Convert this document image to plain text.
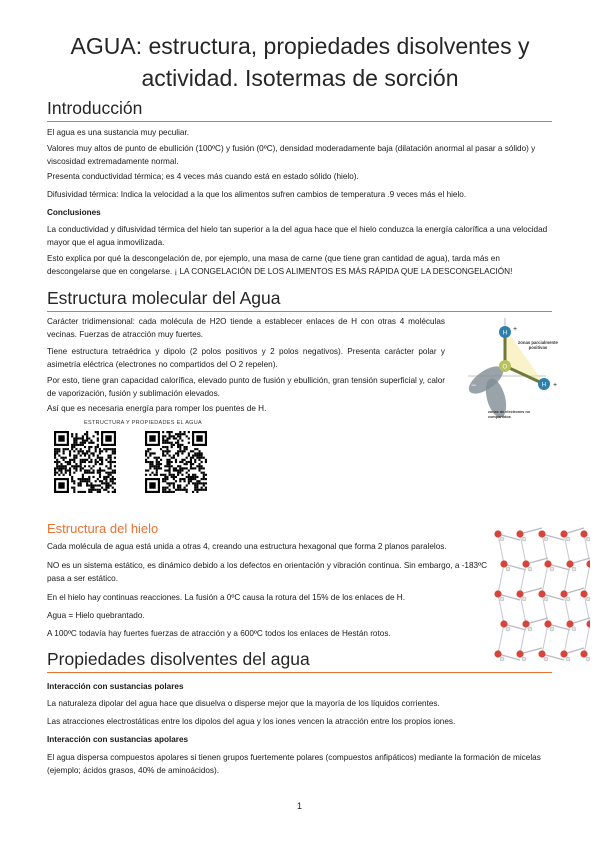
AGUA: estructura, propiedades disolventes y actividad. Isotermas de sorción
Introducción

El agua es una sustancia muy peculiar.

Valores muy altos de punto de ebullición (100ºC) y fusión (0ºC), densidad moderadamente baja (dilatación anormal al pasar a sólido) y viscosidad extremadamente normal.

Presenta conductividad térmica; es 4 veces más cuando está en estado sólido (hielo).

Difusividad térmica: Indica la velocidad a la que los alimentos sufren cambios de temperatura .9 veces más el hielo.

Conclusiones

La conductividad y difusividad térmica del hielo tan superior a la del agua hace que el hielo conduzca la energía calorífica a una velocidad mayor que el agua inmovilizada.

Esto explica por qué la descongelación de, por ejemplo, una masa de carne (que tiene gran cantidad de agua), tarda más en descongelarse que en congelarse. ¡ LA CONGELACIÓN DE LOS ALIMENTOS ES MÁS RÁPIDA QUE LA DESCONGELACIÓN!

Estructura molecular del Agua

Carácter tridimensional: cada molécula de H2O tiende a establecer enlaces de H con otras 4 moléculas vecinas. Fuerzas de atracción muy fuertes.

Tiene estructura tetraédrica y dipolo (2 polos positivos y 2 polos negativos). Presenta carácter polar y asimetría eléctrica (electrones no compartidos del O 2 repelen).

Por esto, tiene gran capacidad calorífica, elevado punto de fusión y ebullición, gran tensión superficial y, calor de vaporización, fusión y sublimación elevados.

Así que es necesaria energía para romper los puentes de H.

ESTRUCTURA Y PROPIEDADES EL AGUA
O
H
+
H +
−
zonas parcialmente positivas
zonas de electrones no compartidos
Estructura del hielo

Cada molécula de agua está unida a otras 4, creando una estructura hexagonal que forma 2 planos paralelos.

NO es un sistema estático, es dinámico debido a los defectos en orientación y vibración continua. Sin embargo, a -183ºC pasa a ser estático.

En el hielo hay continuas reacciones. La fusión a 0ºC causa la rotura del 15% de los enlaces de H.

Agua = Hielo quebrantado.

A 100ºC todavía hay fuertes fuerzas de atracción y a 600ºC todos los enlaces de Hestán rotos.

Propiedades disolventes del agua

Interacción con sustancias polares

La naturaleza dipolar del agua hace que disuelva o disperse mejor que la mayoría de los líquidos corrientes.

Las atracciones electrostáticas entre los dipolos del agua y los iones vencen la atracción entre los propios iones.

Interacción con sustancias apolares

El agua dispersa compuestos apolares si tienen grupos fuertemente polares (compuestos anfipáticos) mediante la formación de micelas (ejemplo; ácidos grasos, 40% de aminoácidos).

1
